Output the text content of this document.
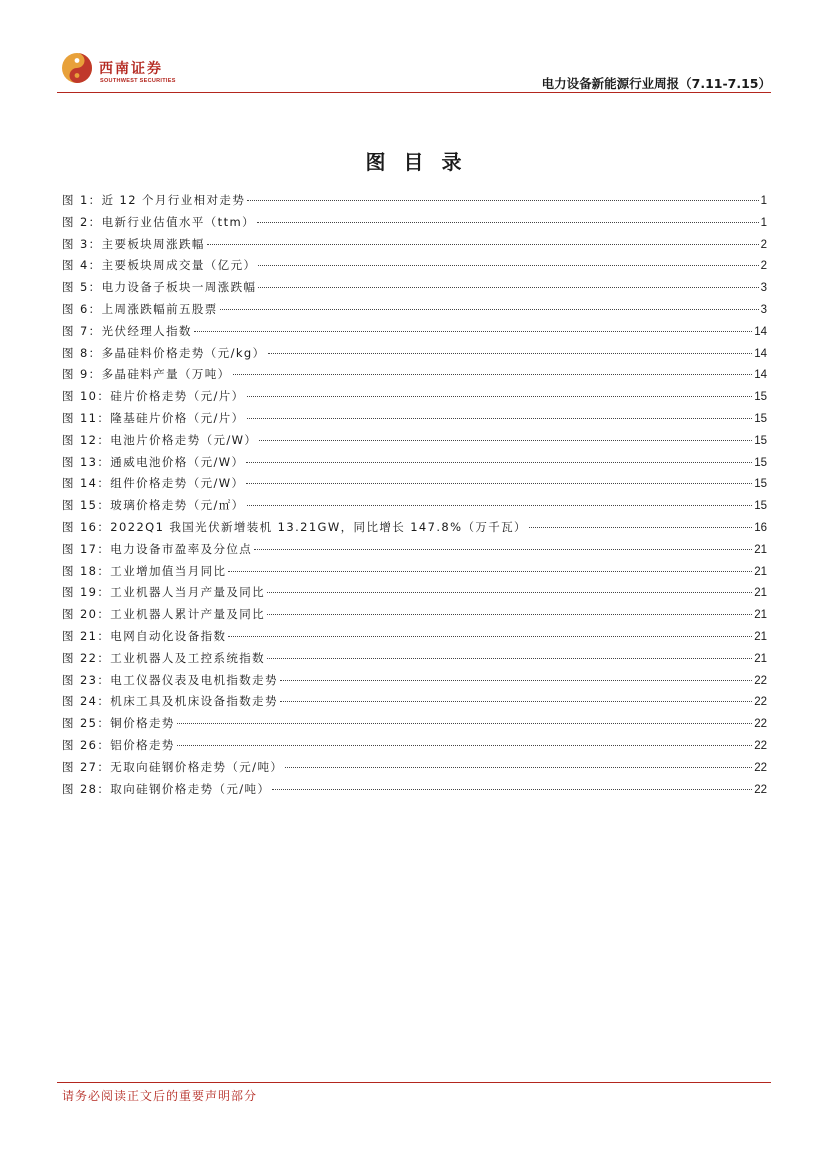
西南证券
SOUTHWEST SECURITIES	电力设备新能源行业周报（7.11-7.15）
图目录
图 1：近 12 个月行业相对走势	1
图 2：电新行业估值水平（ttm）	1
图 3：主要板块周涨跌幅	2
图 4：主要板块周成交量（亿元）	2
图 5：电力设备子板块一周涨跌幅	3
图 6：上周涨跌幅前五股票	3
图 7：光伏经理人指数	14
图 8：多晶硅料价格走势（元/kg）	14
图 9：多晶硅料产量（万吨）	14
图 10：硅片价格走势（元/片）	15
图 11：隆基硅片价格（元/片）	15
图 12：电池片价格走势（元/W）	15
图 13：通威电池价格（元/W）	15
图 14：组件价格走势（元/W）	15
图 15：玻璃价格走势（元/㎡）	15
图 16：2022Q1 我国光伏新增装机 13.21GW，同比增长 147.8%（万千瓦）	16
图 17：电力设备市盈率及分位点	21
图 18：工业增加值当月同比	21
图 19：工业机器人当月产量及同比	21
图 20：工业机器人累计产量及同比	21
图 21：电网自动化设备指数	21
图 22：工业机器人及工控系统指数	21
图 23：电工仪器仪表及电机指数走势	22
图 24：机床工具及机床设备指数走势	22
图 25：铜价格走势	22
图 26：铝价格走势	22
图 27：无取向硅钢价格走势（元/吨）	22
图 28：取向硅钢价格走势（元/吨）	22
请务必阅读正文后的重要声明部分
